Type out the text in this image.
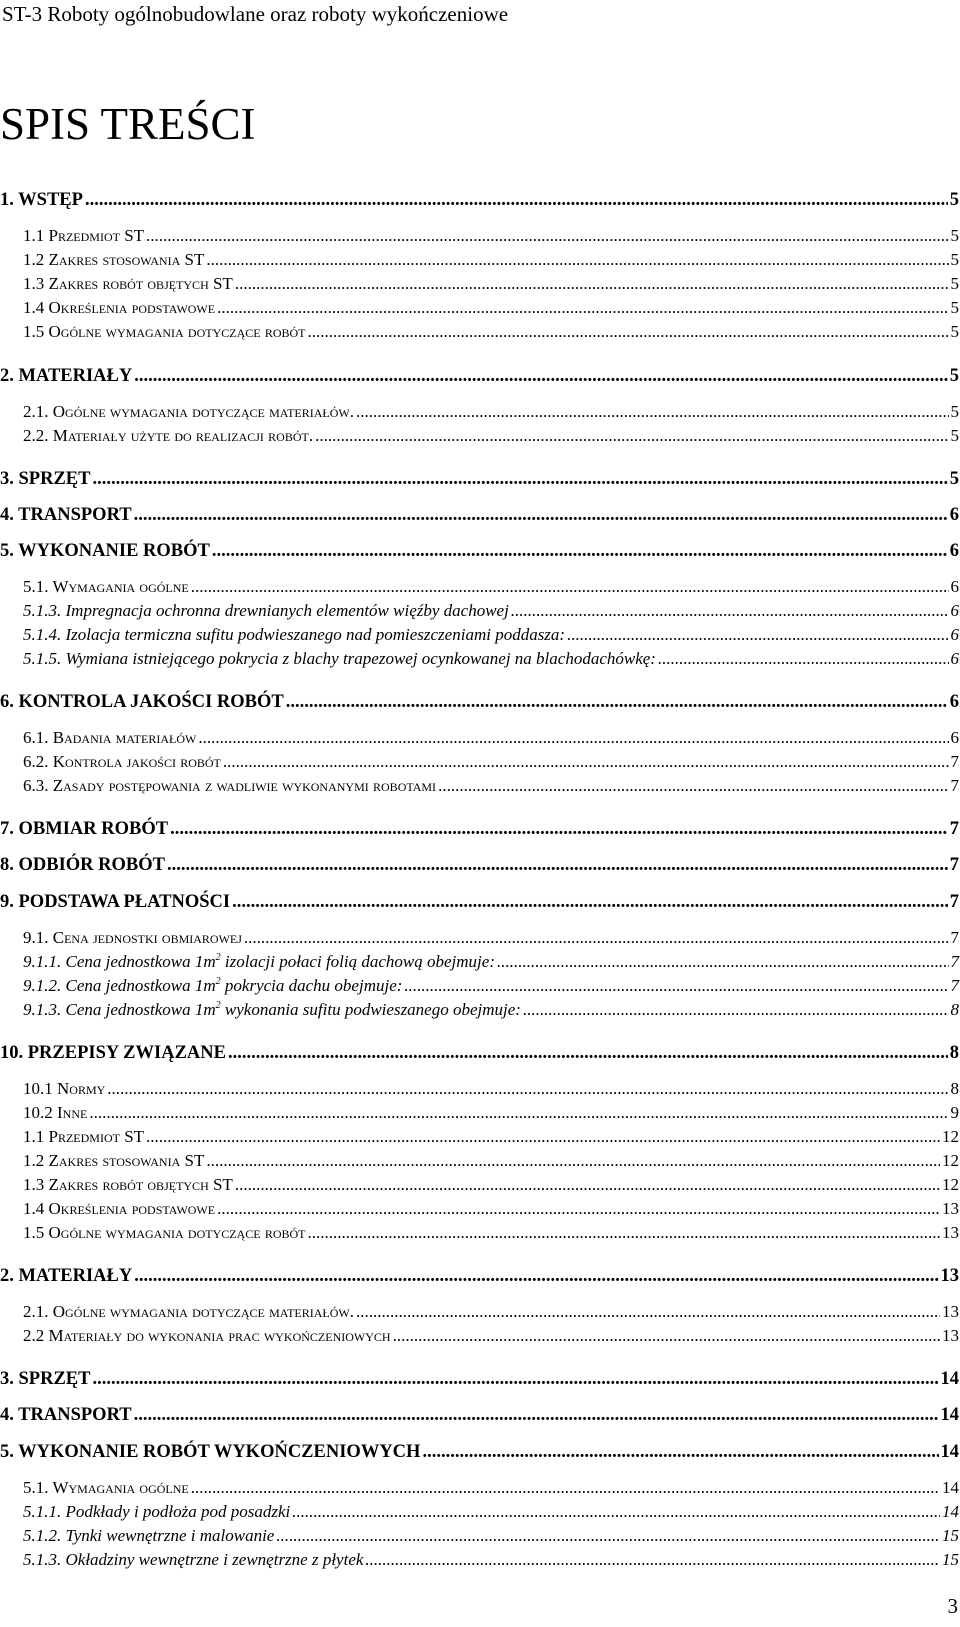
ST-3 Roboty ogólnobudowlane oraz roboty wykończeniowe
SPIS TREŚCI
1. WSTĘP .....	5
1.1 Przedmiot ST .....	5
1.2 Zakres stosowania ST .....	5
1.3 Zakres robót objętych ST .....	5
1.4 Określenia podstawowe .....	5
1.5 Ogólne wymagania dotyczące robót .....	5
2. MATERIAŁY .....	5
2.1. Ogólne wymagania dotyczące materiałów. .....	5
2.2. Materiały użyte do realizacji robót. .....	5
3. SPRZĘT .....	5
4. TRANSPORT .....	6
5. WYKONANIE ROBÓT .....	6
5.1. Wymagania ogólne .....	6
5.1.3. Impregnacja ochronna drewnianych elementów więźby dachowej .....	6
5.1.4. Izolacja termiczna sufitu podwieszanego nad pomieszczeniami poddasza: .....	6
5.1.5. Wymiana istniejącego pokrycia z blachy trapezowej ocynkowanej na blachodachówkę: .....	6
6. KONTROLA JAKOŚCI ROBÓT .....	6
6.1. Badania materiałów .....	6
6.2. Kontrola jakości robót .....	7
6.3. Zasady postępowania z wadliwie wykonanymi robotami .....	7
7. OBMIAR ROBÓT .....	7
8. ODBIÓR ROBÓT .....	7
9. PODSTAWA PŁATNOŚCI .....	7
9.1. Cena jednostki obmiarowej .....	7
9.1.1. Cena jednostkowa $1m^2$ izolacji połaci folią dachową obejmuje: .....	7
9.1.2. Cena jednostkowa $1m^2$ pokrycia dachu obejmuje: .....	7
9.1.3. Cena jednostkowa $1m^2$ wykonania sufitu podwieszanego obejmuje: .....	8
10. PRZEPISY ZWIĄZANE .....	8
10.1 Normy .....	8
10.2 Inne .....	9
1.1 Przedmiot ST .....	12
1.2 Zakres stosowania ST .....	12
1.3 Zakres robót objętych ST .....	12
1.4 Określenia podstawowe .....	13
1.5 Ogólne wymagania dotyczące robót .....	13
2. MATERIAŁY .....	13
2.1. Ogólne wymagania dotyczące materiałów. .....	13
2.2 Materiały do wykonania prac wykończeniowych .....	13
3. SPRZĘT .....	14
4. TRANSPORT .....	14
5. WYKONANIE ROBÓT WYKOŃCZENIOWYCH .....	14
5.1. Wymagania ogólne .....	14
5.1.1. Podkłady i podłoża pod posadzki .....	14
5.1.2. Tynki wewnętrzne i malowanie .....	15
5.1.3. Okładziny wewnętrzne i zewnętrzne z płytek .....	15
3
